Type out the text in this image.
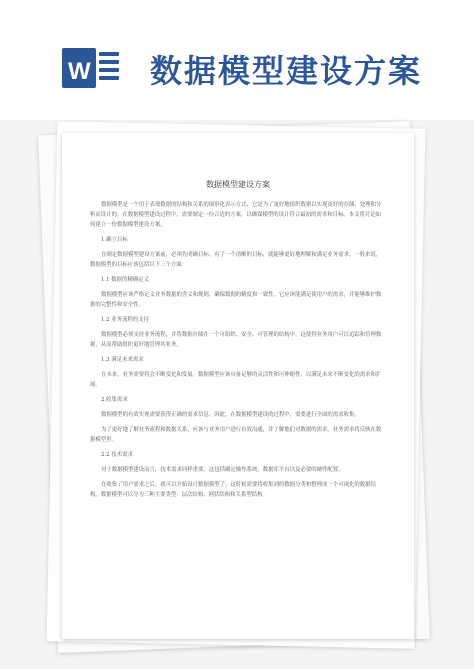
W 数据模型建设方案
数据模型建设方案

数据模型是一个用于表现数据的结构和关系的图形化表示方式，它是为了更好地组织数据以实现更好的存储、处理和分析而设计的。在数据模型建设过程中，需要制定一份合适的方案，以确保模型的设计符合最初的需求和目标。本文将讨论如何建立一份数据模型建设方案。

1.确立目标

在制定数据模型建设方案前，必须先明确目标。有了一个清晰的目标，就能够更好地理解和满足业务需求。一般来说，数据模型的目标应该包括以下三个方面：

1.1 数据的精确定义

数据模型应该严格定义业务数据的含义和规则，确保数据的精度和一致性。它应该能满足使用户的需求，并能够维护数据的完整性和安全性。

1.2 业务流程的支持

数据模型必须支持业务流程，并将数据存储在一个可组织、安全、可管理的结构中，这使得业务用户可以追踪和管理数据，从而帮助组织更好地管理其业务。

1.3 满足未来需求

在未来，业务需要将会不断变化和发展。数据模型应该具备足够的灵活性和可伸缩性，以满足未来不断变化的需求和扩展。

2.收集需求

数据模型的有效实现需要获得正确的需求信息。因此，在数据模型建设的过程中，需要进行全面的需求收集。

为了更好地了解业务流程和数据关系，应该与业务用户进行有效沟通，并了解他们对数据的需求。业务需求将反映在数据模型里。

2.2 技术需求

对于数据模型建设而言，技术需求同样重要。这包括确定操作系统、数据库平台以及必要的硬件配置。

在收集了用户需求之后，就可以开始设计数据模型了。这时候需要将收集到的数据分类和整理成一个可视化的数据结构。数据模型可以分为三种主要类型：层次结构、网状结构和关系型结构。
